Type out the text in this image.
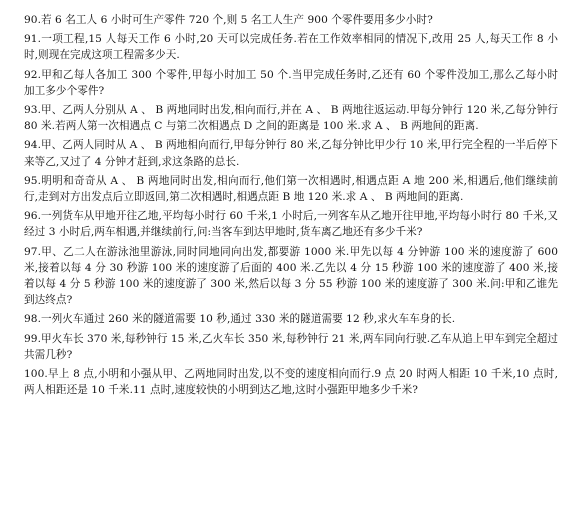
90.若 6 名工人 6 小时可生产零件 720 个,则 5 名工人生产 900 个零件要用多少小时?

91.一项工程,15 人每天工作 6 小时,20 天可以完成任务.若在工作效率相同的情况下,改用 25 人,每天工作 8 小时,则现在完成这项工程需多少天.

92.甲和乙每人各加工 300 个零件,甲每小时加工 50 个.当甲完成任务时,乙还有 60 个零件没加工,那么乙每小时加工多少个零件?

93.甲、乙两人分别从 A 、 B 两地同时出发,相向而行,并在 A 、 B 两地往返运动.甲每分钟行 120 米,乙每分钟行 80 米.若两人第一次相遇点 C 与第二次相遇点 D 之间的距离是 100 米.求 A 、 B 两地间的距离.

94.甲、乙两人同时从 A 、 B 两地相向而行,甲每分钟行 80 米,乙每分钟比甲少行 10 米,甲行完全程的一半后停下来等乙,又过了 4 分钟才赶到,求这条路的总长.

95.明明和奇奇从 A 、 B 两地同时出发,相向而行,他们第一次相遇时,相遇点距 A 地 200 米,相遇后,他们继续前行,走到对方出发点后立即返回,第二次相遇时,相遇点距 B 地 120 米.求 A 、 B 两地间的距离.

96.一列货车从甲地开往乙地,平均每小时行 60 千米,1 小时后,一列客车从乙地开往甲地,平均每小时行 80 千米,又经过 3 小时后,两车相遇,并继续前行,问:当客车到达甲地时,货车离乙地还有多少千米?

97.甲、乙二人在游泳池里游泳,同时同地同向出发,都要游 1000 米.甲先以每 4 分钟游 100 米的速度游了 600 米,接着以每 4 分 30 秒游 100 米的速度游了后面的 400 米.乙先以 4 分 15 秒游 100 米的速度游了 400 米,接着以每 4 分 5 秒游 100 米的速度游了 300 米,然后以每 3 分 55 秒游 100 米的速度游了 300 米.问:甲和乙谁先到达终点?

98.一列火车通过 260 米的隧道需要 10 秒,通过 330 米的隧道需要 12 秒,求火车车身的长.

99.甲火车长 370 米,每秒钟行 15 米,乙火车长 350 米,每秒钟行 21 米,两车同向行驶.乙车从追上甲车到完全超过共需几秒?

100.早上 8 点,小明和小强从甲、乙两地同时出发,以不变的速度相向而行.9 点 20 时两人相距 10 千米,10 点时,两人相距还是 10 千米.11 点时,速度较快的小明到达乙地,这时小强距甲地多少千米?
